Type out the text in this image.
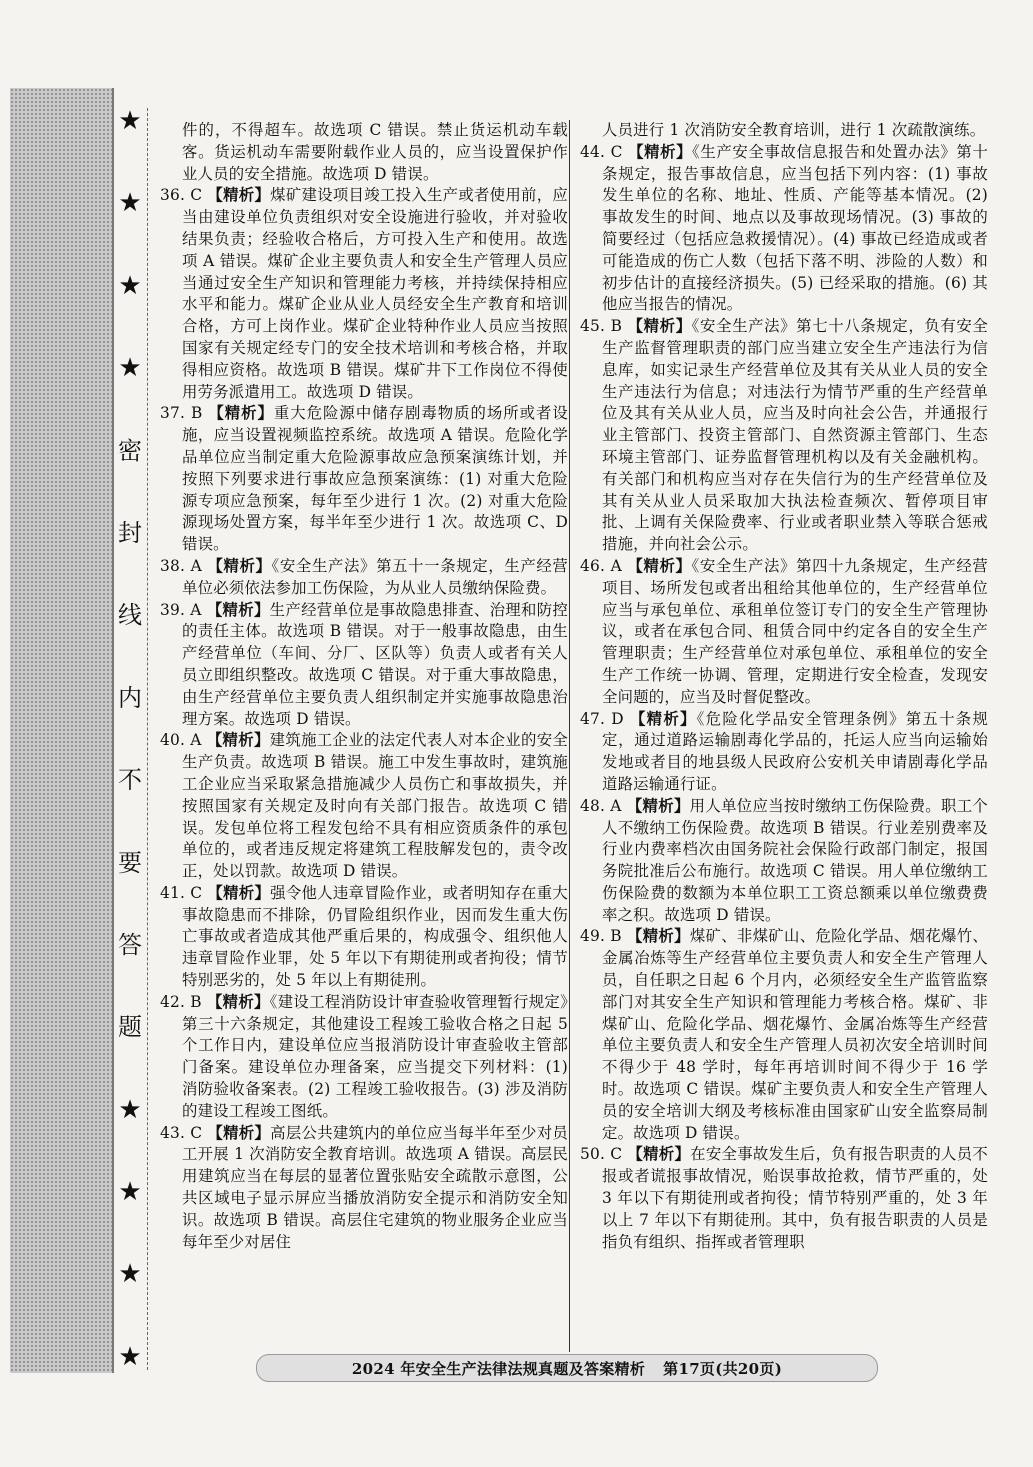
★
★
★
★
密
封
线
内
不
要
答
题
★
★
★
★

件的，不得超车。故选项 C 错误。禁止货运机动车载客。货运机动车需要附载作业人员的，应当设置保护作业人员的安全措施。故选项 D 错误。

36. C 【精析】煤矿建设项目竣工投入生产或者使用前，应当由建设单位负责组织对安全设施进行验收，并对验收结果负责；经验收合格后，方可投入生产和使用。故选项 A 错误。煤矿企业主要负责人和安全生产管理人员应当通过安全生产知识和管理能力考核，并持续保持相应水平和能力。煤矿企业从业人员经安全生产教育和培训合格，方可上岗作业。煤矿企业特种作业人员应当按照国家有关规定经专门的安全技术培训和考核合格，并取得相应资格。故选项 B 错误。煤矿井下工作岗位不得使用劳务派遣用工。故选项 D 错误。

37. B 【精析】重大危险源中储存剧毒物质的场所或者设施，应当设置视频监控系统。故选项 A 错误。危险化学品单位应当制定重大危险源事故应急预案演练计划，并按照下列要求进行事故应急预案演练：(1) 对重大危险源专项应急预案，每年至少进行 1 次。(2) 对重大危险源现场处置方案，每半年至少进行 1 次。故选项 C、D 错误。

38. A 【精析】《安全生产法》第五十一条规定，生产经营单位必须依法参加工伤保险，为从业人员缴纳保险费。

39. A 【精析】生产经营单位是事故隐患排查、治理和防控的责任主体。故选项 B 错误。对于一般事故隐患，由生产经营单位（车间、分厂、区队等）负责人或者有关人员立即组织整改。故选项 C 错误。对于重大事故隐患，由生产经营单位主要负责人组织制定并实施事故隐患治理方案。故选项 D 错误。

40. A 【精析】建筑施工企业的法定代表人对本企业的安全生产负责。故选项 B 错误。施工中发生事故时，建筑施工企业应当采取紧急措施减少人员伤亡和事故损失，并按照国家有关规定及时向有关部门报告。故选项 C 错误。发包单位将工程发包给不具有相应资质条件的承包单位的，或者违反规定将建筑工程肢解发包的，责令改正，处以罚款。故选项 D 错误。

41. C 【精析】强令他人违章冒险作业，或者明知存在重大事故隐患而不排除，仍冒险组织作业，因而发生重大伤亡事故或者造成其他严重后果的，构成强令、组织他人违章冒险作业罪，处 5 年以下有期徒刑或者拘役；情节特别恶劣的，处 5 年以上有期徒刑。

42. B 【精析】《建设工程消防设计审查验收管理暂行规定》第三十六条规定，其他建设工程竣工验收合格之日起 5 个工作日内，建设单位应当报消防设计审查验收主管部门备案。建设单位办理备案，应当提交下列材料：(1) 消防验收备案表。(2) 工程竣工验收报告。(3) 涉及消防的建设工程竣工图纸。

43. C 【精析】高层公共建筑内的单位应当每半年至少对员工开展 1 次消防安全教育培训。故选项 A 错误。高层民用建筑应当在每层的显著位置张贴安全疏散示意图，公共区域电子显示屏应当播放消防安全提示和消防安全知识。故选项 B 错误。高层住宅建筑的物业服务企业应当每年至少对居住

人员进行 1 次消防安全教育培训，进行 1 次疏散演练。

44. C 【精析】《生产安全事故信息报告和处置办法》第十条规定，报告事故信息，应当包括下列内容：(1) 事故发生单位的名称、地址、性质、产能等基本情况。(2) 事故发生的时间、地点以及事故现场情况。(3) 事故的简要经过（包括应急救援情况）。(4) 事故已经造成或者可能造成的伤亡人数（包括下落不明、涉险的人数）和初步估计的直接经济损失。(5) 已经采取的措施。(6) 其他应当报告的情况。

45. B 【精析】《安全生产法》第七十八条规定，负有安全生产监督管理职责的部门应当建立安全生产违法行为信息库，如实记录生产经营单位及其有关从业人员的安全生产违法行为信息；对违法行为情节严重的生产经营单位及其有关从业人员，应当及时向社会公告，并通报行业主管部门、投资主管部门、自然资源主管部门、生态环境主管部门、证券监督管理机构以及有关金融机构。有关部门和机构应当对存在失信行为的生产经营单位及其有关从业人员采取加大执法检查频次、暂停项目审批、上调有关保险费率、行业或者职业禁入等联合惩戒措施，并向社会公示。

46. A 【精析】《安全生产法》第四十九条规定，生产经营项目、场所发包或者出租给其他单位的，生产经营单位应当与承包单位、承租单位签订专门的安全生产管理协议，或者在承包合同、租赁合同中约定各自的安全生产管理职责；生产经营单位对承包单位、承租单位的安全生产工作统一协调、管理，定期进行安全检查，发现安全问题的，应当及时督促整改。

47. D 【精析】《危险化学品安全管理条例》第五十条规定，通过道路运输剧毒化学品的，托运人应当向运输始发地或者目的地县级人民政府公安机关申请剧毒化学品道路运输通行证。

48. A 【精析】用人单位应当按时缴纳工伤保险费。职工个人不缴纳工伤保险费。故选项 B 错误。行业差别费率及行业内费率档次由国务院社会保险行政部门制定，报国务院批准后公布施行。故选项 C 错误。用人单位缴纳工伤保险费的数额为本单位职工工资总额乘以单位缴费费率之积。故选项 D 错误。

49. B 【精析】煤矿、非煤矿山、危险化学品、烟花爆竹、金属冶炼等生产经营单位主要负责人和安全生产管理人员，自任职之日起 6 个月内，必须经安全生产监管监察部门对其安全生产知识和管理能力考核合格。煤矿、非煤矿山、危险化学品、烟花爆竹、金属冶炼等生产经营单位主要负责人和安全生产管理人员初次安全培训时间不得少于 48 学时，每年再培训时间不得少于 16 学时。故选项 C 错误。煤矿主要负责人和安全生产管理人员的安全培训大纲及考核标准由国家矿山安全监察局制定。故选项 D 错误。

50. C 【精析】在安全事故发生后，负有报告职责的人员不报或者谎报事故情况，贻误事故抢救，情节严重的，处 3 年以下有期徒刑或者拘役；情节特别严重的，处 3 年以上 7 年以下有期徒刑。其中，负有报告职责的人员是指负有组织、指挥或者管理职

2024 年安全生产法律法规真题及答案精析 第17页(共20页)
